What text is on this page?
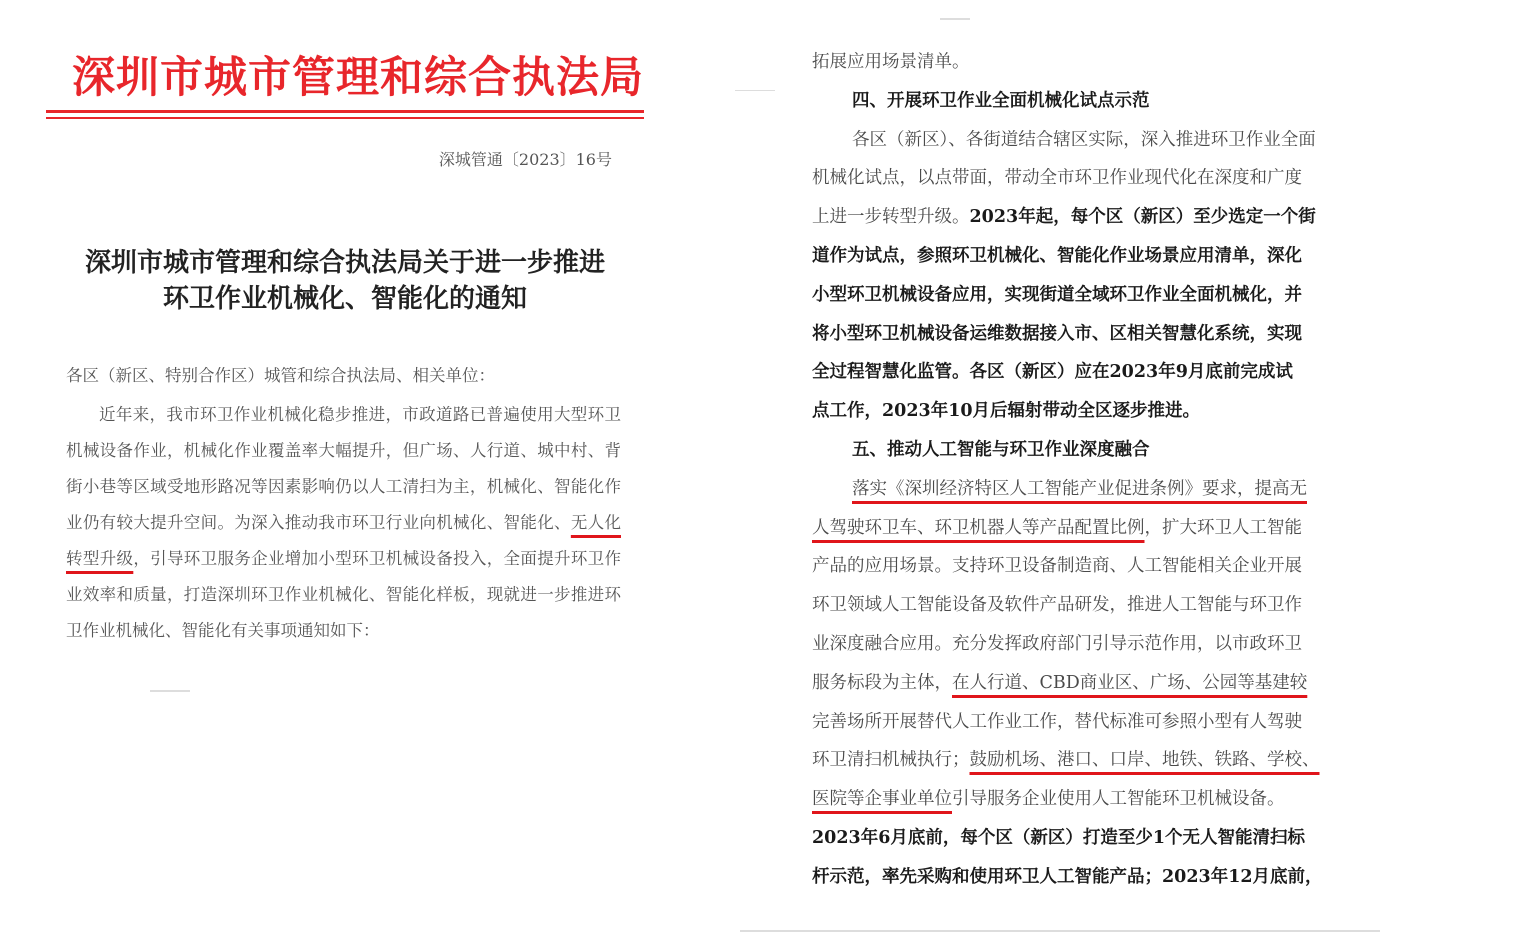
深圳市城市管理和综合执法局
深城管通〔2023〕16号
深圳市城市管理和综合执法局关于进一步推进
环卫作业机械化、智能化的通知
各区（新区、特别合作区）城管和综合执法局、相关单位：
近年来，我市环卫作业机械化稳步推进，市政道路已普遍使用大型环卫机械设备作业，机械化作业覆盖率大幅提升，但广场、人行道、城中村、背街小巷等区域受地形路况等因素影响仍以人工清扫为主，机械化、智能化作业仍有较大提升空间。为深入推动我市环卫行业向机械化、智能化、无人化转型升级，引导环卫服务企业增加小型环卫机械设备投入，全面提升环卫作业效率和质量，打造深圳环卫作业机械化、智能化样板，现就进一步推进环卫作业机械化、智能化有关事项通知如下：
拓展应用场景清单。
四、开展环卫作业全面机械化试点示范
各区（新区）、各街道结合辖区实际，深入推进环卫作业全面
机械化试点，以点带面，带动全市环卫作业现代化在深度和广度
上进一步转型升级。2023年起，每个区（新区）至少选定一个街
道作为试点，参照环卫机械化、智能化作业场景应用清单，深化
小型环卫机械设备应用，实现街道全域环卫作业全面机械化，并
将小型环卫机械设备运维数据接入市、区相关智慧化系统，实现
全过程智慧化监管。各区（新区）应在2023年9月底前完成试
点工作，2023年10月后辐射带动全区逐步推进。
五、推动人工智能与环卫作业深度融合
落实《深圳经济特区人工智能产业促进条例》要求，提高无
人驾驶环卫车、环卫机器人等产品配置比例，扩大环卫人工智能
产品的应用场景。支持环卫设备制造商、人工智能相关企业开展
环卫领域人工智能设备及软件产品研发，推进人工智能与环卫作
业深度融合应用。充分发挥政府部门引导示范作用，以市政环卫
服务标段为主体，在人行道、CBD商业区、广场、公园等基建较
完善场所开展替代人工作业工作，替代标准可参照小型有人驾驶
环卫清扫机械执行；鼓励机场、港口、口岸、地铁、铁路、学校、
医院等企事业单位引导服务企业使用人工智能环卫机械设备。
2023年6月底前，每个区（新区）打造至少1个无人智能清扫标
杆示范，率先采购和使用环卫人工智能产品；2023年12月底前，
